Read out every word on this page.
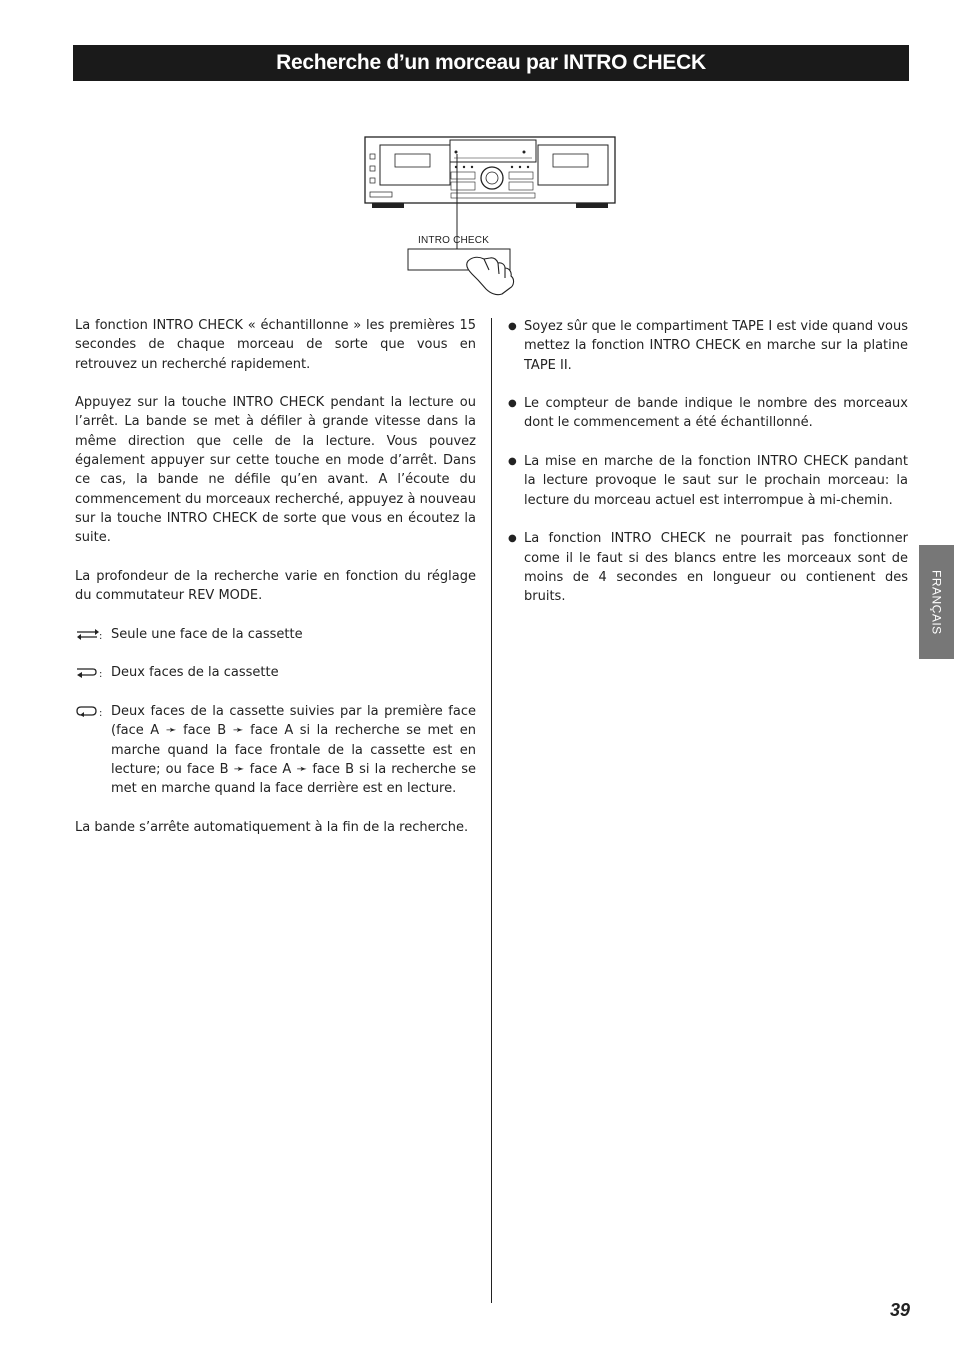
Recherche d’un morceau par INTRO CHECK
INTRO CHECK

La fonction INTRO CHECK « échantillonne » les premières 15 secondes de chaque morceau de sorte que vous en retrouvez un recherché rapidement.

Appuyez sur la touche INTRO CHECK pendant la lecture ou l’arrêt. La bande se met à défiler à grande vitesse dans la même direction que celle de la lecture. Vous pouvez également appuyer sur cette touche en mode d’arrêt. Dans ce cas, la bande ne défile qu’en avant. A l’écoute du commencement du morceaux recherché, appuyez à nouveau sur la touche INTRO CHECK de sorte que vous en écoutez la suite.

La profondeur de la recherche varie en fonction du réglage du commutateur REV MODE.

: Seule une face de la cassette
: Deux faces de la cassette
: Deux faces de la cassette suivies par la première face (face A ➛ face B ➛ face A si la recherche se met en marche quand la face frontale de la cassette est en lecture; ou face B ➛ face A ➛ face B si la recherche se met en marche quand la face derrière est en lecture.

La bande s’arrête automatiquement à la fin de la recherche.

● Soyez sûr que le compartiment TAPE I est vide quand vous mettez la fonction INTRO CHECK en marche sur la platine TAPE II.
● Le compteur de bande indique le nombre des morceaux dont le commencement a été échantillonné.
● La mise en marche de la fonction INTRO CHECK pandant la lecture provoque le saut sur le prochain morceau: la lecture du morceau actuel est interrompue à mi-chemin.
● La fonction INTRO CHECK ne pourrait pas fonctionner come il le faut si des blancs entre les morceaux sont de moins de 4 secondes en longueur ou contienent des bruits.	FRANÇAIS
39
